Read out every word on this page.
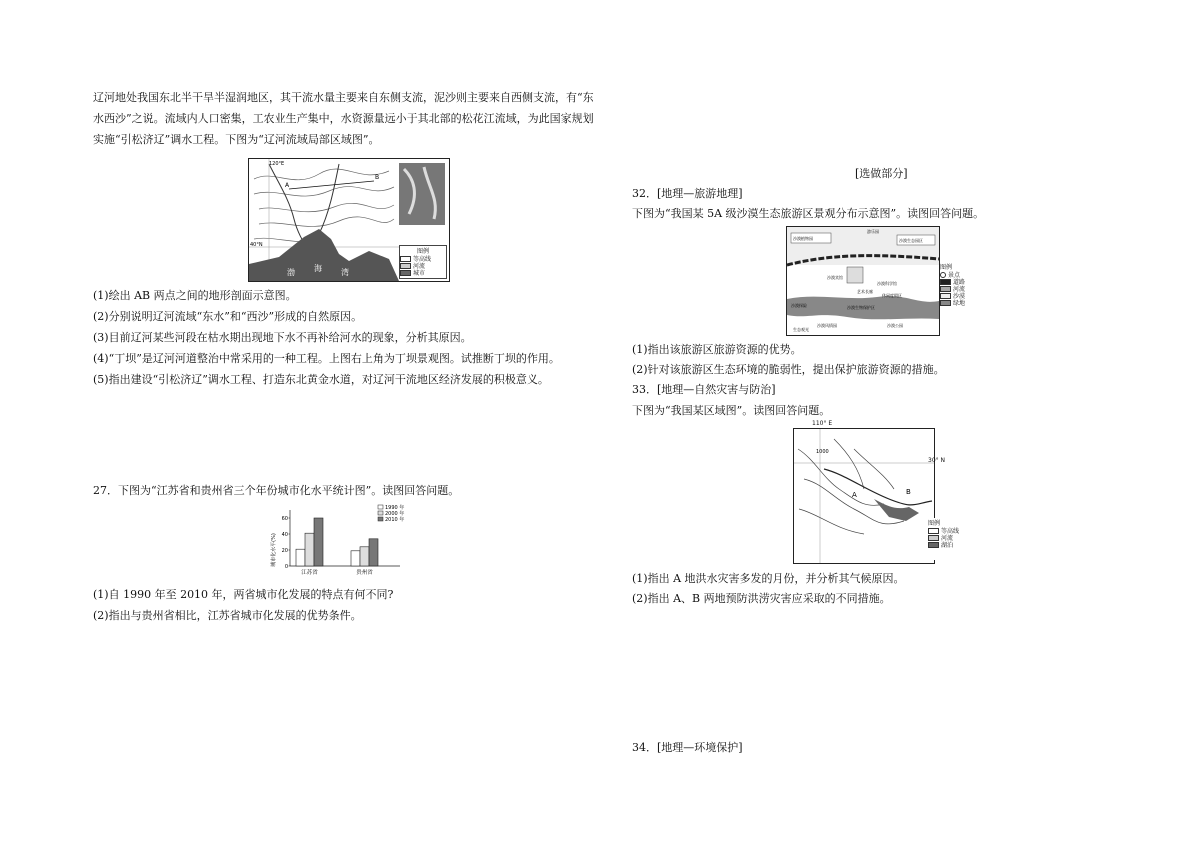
辽河地处我国东北半干旱半湿润地区，其干流水量主要来自东侧支流，泥沙则主要来自西侧支流，有“东水西沙”之说。流域内人口密集，工农业生产集中，水资源量远小于其北部的松花江流域，为此国家规划实施“引松济辽”调水工程。下图为“辽河流域局部区域图”。
A
B
渤 海 湾
120°E
40°N
图例
等高线
河流
城市
(1)绘出 AB 两点之间的地形剖面示意图。
(2)分别说明辽河流域“东水”和“西沙”形成的自然原因。
(3)目前辽河某些河段在枯水期出现地下水不再补给河水的现象，分析其原因。
(4)“丁坝”是辽河河道整治中常采用的一种工程。上图右上角为丁坝景观图。试推断丁坝的作用。
(5)指出建设“引松济辽”调水工程、打造东北黄金水道，对辽河干流地区经济发展的积极意义。
27．下图为“江苏省和贵州省三个年份城市化水平统计图”。读图回答问题。
城市化水平(%)
0
20
40
60
江苏省	贵州省
1990 年
2000 年
2010 年
(1)自 1990 年至 2010 年，两省城市化发展的特点有何不同?
(2)指出与贵州省相比，江苏省城市化发展的优势条件。
[选做部分]
32．[地理—旅游地理]
下图为“我国某 5A 级沙漠生态旅游区景观分布示意图”。读图回答问题。
沙漠植物园	沙漠生态园区
游乐园
艺术长廊
沙漠科学馆
休闲度假区
沙漠宾馆
沙漠探险
沙漠风情园	沙漠公园
生态观光
沙漠生物保护区
图例
景点
道路
河流
沙漠
绿地
(1)指出该旅游区旅游资源的优势。
(2)针对该旅游区生态环境的脆弱性，提出保护旅游资源的措施。
33．[地理—自然灾害与防治]
下图为“我国某区域图”。读图回答问题。
1000
A	B
110° E
30° N
图例
等高线
河流
湖泊
(1)指出 A 地洪水灾害多发的月份，并分析其气候原因。
(2)指出 A、B 两地预防洪涝灾害应采取的不同措施。
34．[地理—环境保护]
